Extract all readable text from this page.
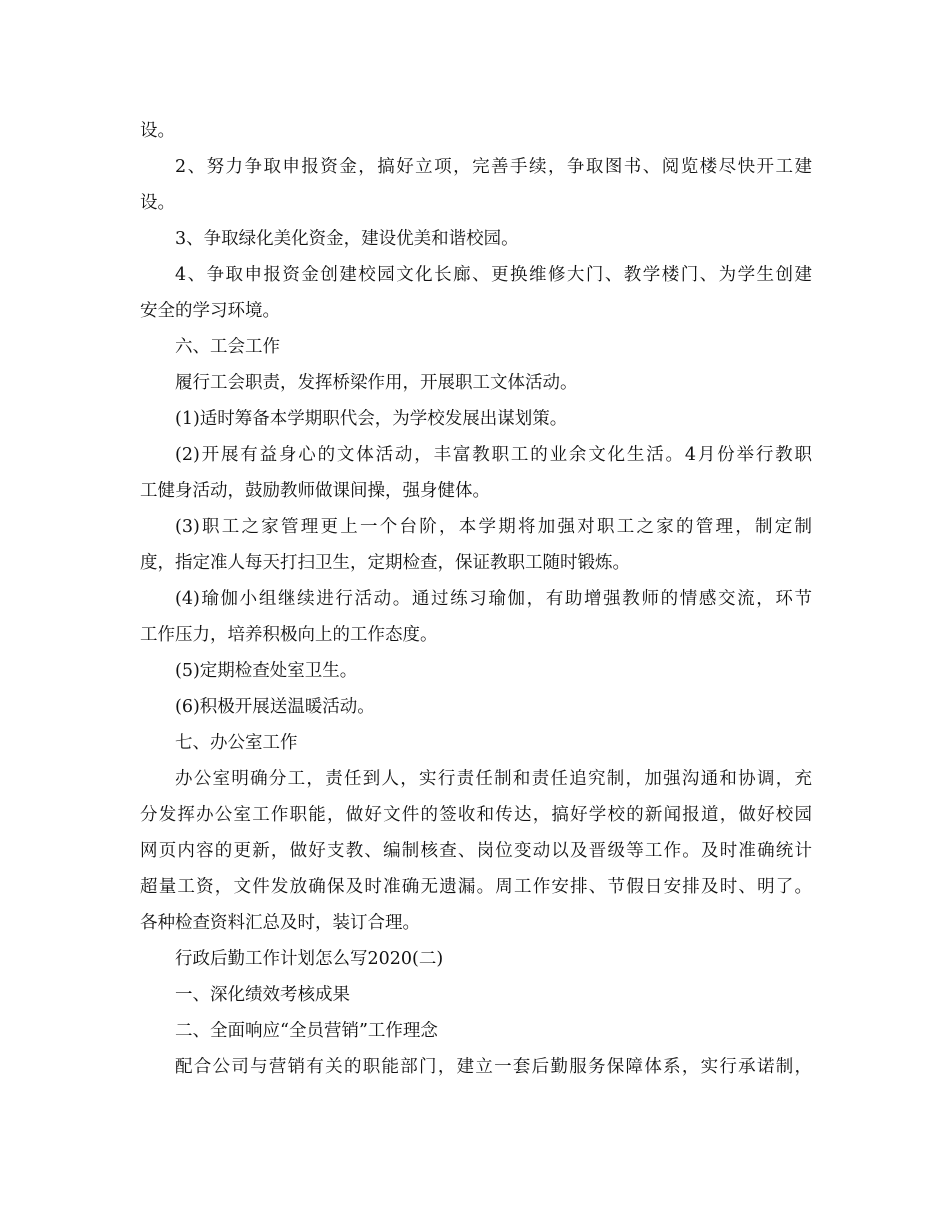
设。
2、努力争取申报资金，搞好立项，完善手续，争取图书、阅览楼尽快开工建
设。
3、争取绿化美化资金，建设优美和谐校园。
4、争取申报资金创建校园文化长廊、更换维修大门、教学楼门、为学生创建
安全的学习环境。
六、工会工作
履行工会职责，发挥桥梁作用，开展职工文体活动。
(1)适时筹备本学期职代会，为学校发展出谋划策。
(2)开展有益身心的文体活动，丰富教职工的业余文化生活。4月份举行教职
工健身活动，鼓励教师做课间操，强身健体。
(3)职工之家管理更上一个台阶，本学期将加强对职工之家的管理，制定制
度，指定准人每天打扫卫生，定期检查，保证教职工随时锻炼。
(4)瑜伽小组继续进行活动。通过练习瑜伽，有助增强教师的情感交流，环节
工作压力，培养积极向上的工作态度。
(5)定期检查处室卫生。
(6)积极开展送温暖活动。
七、办公室工作
办公室明确分工，责任到人，实行责任制和责任追究制，加强沟通和协调，充
分发挥办公室工作职能，做好文件的签收和传达，搞好学校的新闻报道，做好校园
网页内容的更新，做好支教、编制核查、岗位变动以及晋级等工作。及时准确统计
超量工资，文件发放确保及时准确无遗漏。周工作安排、节假日安排及时、明了。
各种检查资料汇总及时，装订合理。
行政后勤工作计划怎么写2020(二)
一、深化绩效考核成果
二、全面响应“全员营销”工作理念
配合公司与营销有关的职能部门，建立一套后勤服务保障体系，实行承诺制，
